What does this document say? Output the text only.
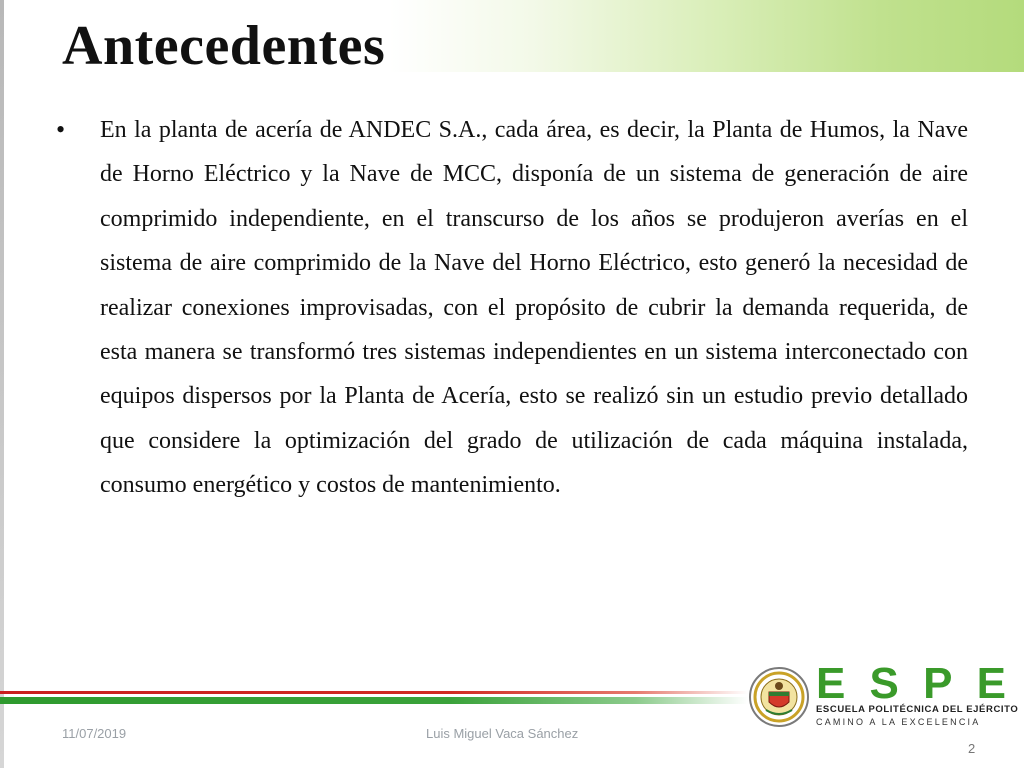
Antecedentes
•	En la planta de acería de ANDEC S.A., cada área, es decir, la Planta de Humos, la Nave de Horno Eléctrico y la Nave de MCC, disponía de un sistema de generación de aire comprimido independiente, en el transcurso de los años se produjeron averías en el sistema de aire comprimido de la Nave del Horno Eléctrico, esto generó la necesidad de realizar conexiones improvisadas, con el propósito de cubrir la demanda requerida, de esta manera se transformó tres sistemas independientes en un sistema interconectado con equipos dispersos por la Planta de Acería, esto se realizó sin un estudio previo detallado que considere la optimización del grado de utilización de cada máquina instalada, consumo energético y costos de mantenimiento.

11/07/2019	Luis Miguel Vaca Sánchez
2
E S P E
ESCUELA POLITÉCNICA DEL EJÉRCITO
CAMINO A LA EXCELENCIA
